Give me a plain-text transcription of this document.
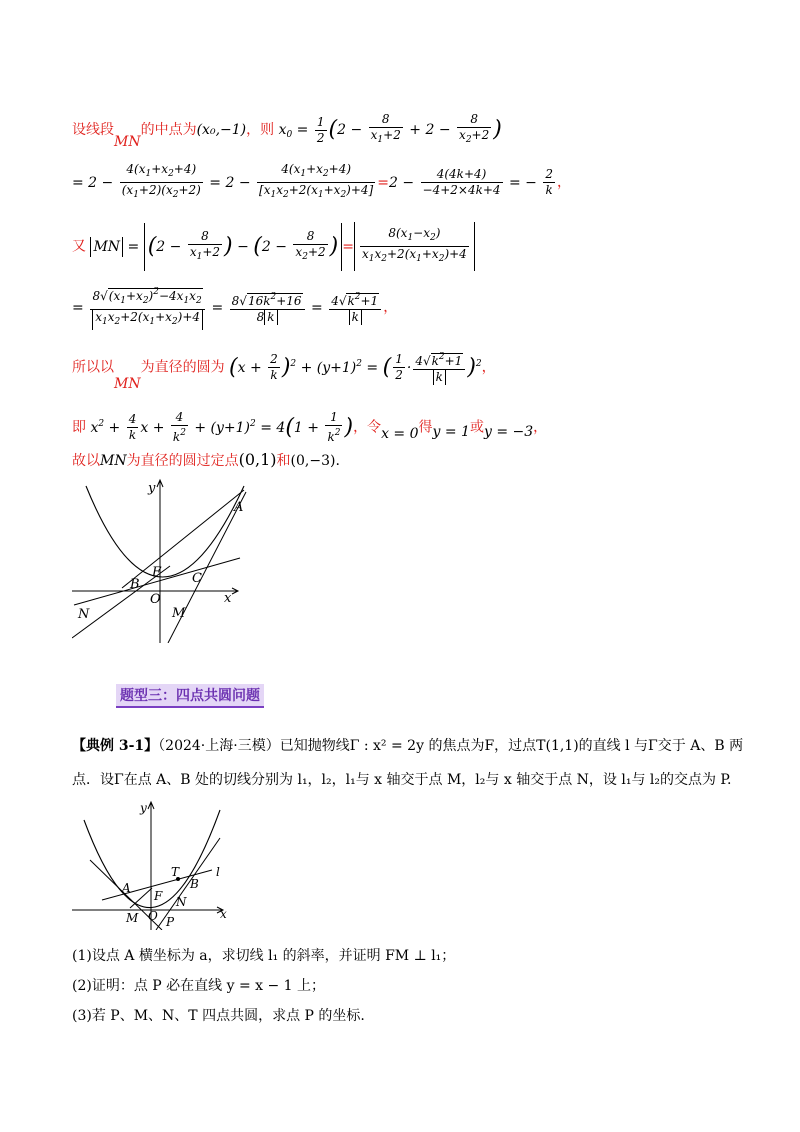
设线段MN的中点为(x₀,−1)，则 $x_0 = \frac{1}{2} (2 - \frac{8}{x_1+2} + 2 - \frac{8}{x_2+2}$ )
= $2 - \frac{4(x_1+x_2+4)}{(x_1+2)(x_2+2)} = 2 - \frac{4(x_1+x_2+4)}{[x_1x_2+2(x_1+x_2)+4]} =2 - \frac{4(4k+4)}{-4+2\times 4k+4}$ = − $\frac{2}{k}$ ，
又 MN = ($2 - \frac{8}{x_1+2}$ ) − ($2 - \frac{8}{x_2+2}$ ) = $\frac{8(x_1-x_2)}{x_1x_2+2(x_1+x_2)+4}$
= $\frac{8√(x_1+x_2)^2-4x_1x_2}{x_1x_2+2(x_1+x_2)+4} = \frac{8√16k^2+16}{8 k} = \frac{4√k^2+1}{k}$ ，
所以以MN为直径的圆为 $(x + \frac{2}{k} )^2 + (y+1)^2$ = ( $\frac{1}{2} \cdot \frac{4√k^2+1}{k} )^2$，
即 $x^2 + \frac{4}{k}$ $x + \frac{4}{k^2} + (y+1)^2 = 4(1 + \frac{1}{k^2}$ )，令x = 0得y = 1或y = −3，
故以MN为直径的圆过定点(0,1)和(0,−3).
y
A
F
B	C
O	x
N	M
题型三：四点共圆问题
【典例 3-1】（2024·上海·三模）已知抛物线Γ : x² = 2y 的焦点为F，过点T(1,1)的直线 l 与Γ交于 A、B 两
点．设Γ在点 A、B 处的切线分别为 l₁，l₂，l₁与 x 轴交于点 M，l₂与 x 轴交于点 N，设 l₁与 l₂的交点为 P.
y
T	l
B
A
F N
M O P
x
(1)设点 A 横坐标为 a，求切线 l₁ 的斜率，并证明 FM ⊥ l₁；
(2)证明：点 P 必在直线 y = x − 1 上；
(3)若 P、M、N、T 四点共圆，求点 P 的坐标.
